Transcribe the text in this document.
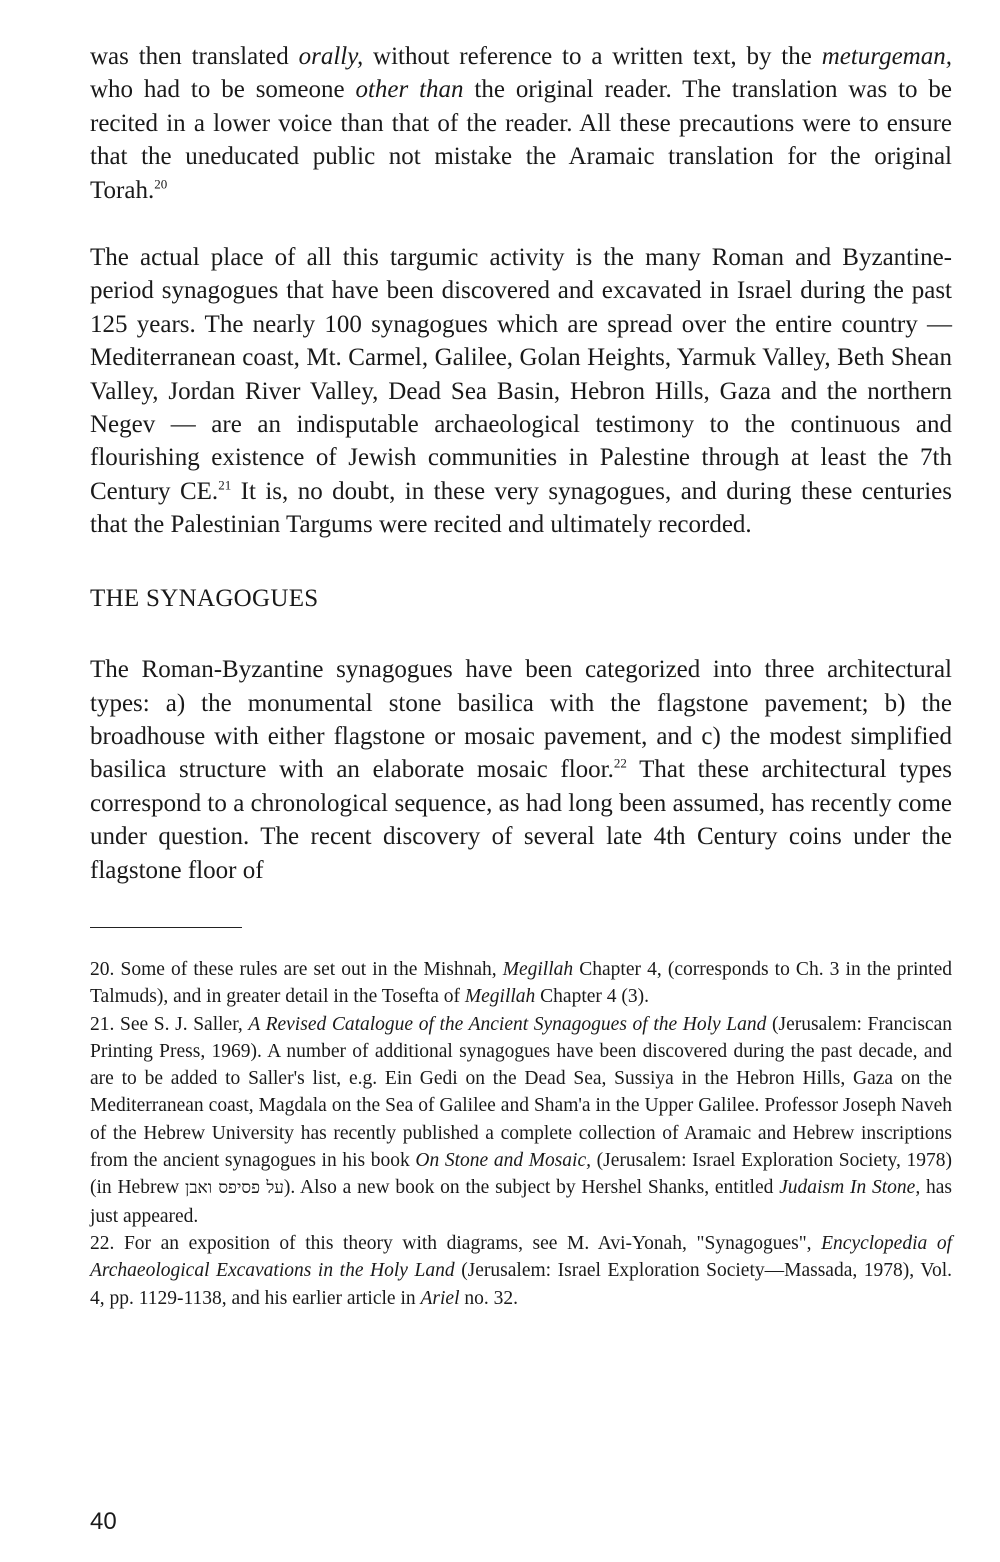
was then translated orally, without reference to a written text, by the meturgeman, who had to be someone other than the original reader. The translation was to be recited in a lower voice than that of the reader. All these precautions were to ensure that the uneducated public not mistake the Aramaic translation for the original Torah.$^{20}$

The actual place of all this targumic activity is the many Roman and Byzantine-period synagogues that have been discovered and excavated in Israel during the past 125 years. The nearly 100 synagogues which are spread over the entire country — Mediterranean coast, Mt. Carmel, Galilee, Golan Heights, Yarmuk Valley, Beth Shean Valley, Jordan River Valley, Dead Sea Basin, Hebron Hills, Gaza and the northern Negev — are an indisputable archaeological testimony to the continuous and flourishing existence of Jewish communities in Palestine through at least the 7th Century CE.$^{21}$ It is, no doubt, in these very synagogues, and during these centuries that the Palestinian Targums were recited and ultimately recorded.

THE SYNAGOGUES

The Roman-Byzantine synagogues have been categorized into three architectural types: a) the monumental stone basilica with the flagstone pavement; b) the broadhouse with either flagstone or mosaic pavement, and c) the modest simplified basilica structure with an elaborate mosaic floor.$^{22}$ That these architectural types correspond to a chronological sequence, as had long been assumed, has recently come under question. The recent discovery of several late 4th Century coins under the flagstone floor of

20. Some of these rules are set out in the Mishnah, Megillah Chapter 4, (corresponds to Ch. 3 in the printed Talmuds), and in greater detail in the Tosefta of Megillah Chapter 4 (3).

21. See S. J. Saller, A Revised Catalogue of the Ancient Synagogues of the Holy Land (Jerusalem: Franciscan Printing Press, 1969). A number of additional synagogues have been discovered during the past decade, and are to be added to Saller's list, e.g. Ein Gedi on the Dead Sea, Sussiya in the Hebron Hills, Gaza on the Mediterranean coast, Magdala on the Sea of Galilee and Sham'a in the Upper Galilee. Professor Joseph Naveh of the Hebrew University has recently published a complete collection of Aramaic and Hebrew inscriptions from the ancient synagogues in his book On Stone and Mosaic, (Jerusalem: Israel Exploration Society, 1978) (in Hebrew על פסיפס ואבן). Also a new book on the subject by Hershel Shanks, entitled Judaism In Stone, has just appeared.

22. For an exposition of this theory with diagrams, see M. Avi-Yonah, "Synagogues", Encyclopedia of Archaeological Excavations in the Holy Land (Jerusalem: Israel Exploration Society—Massada, 1978), Vol. 4, pp. 1129-1138, and his earlier article in Ariel no. 32.

40
